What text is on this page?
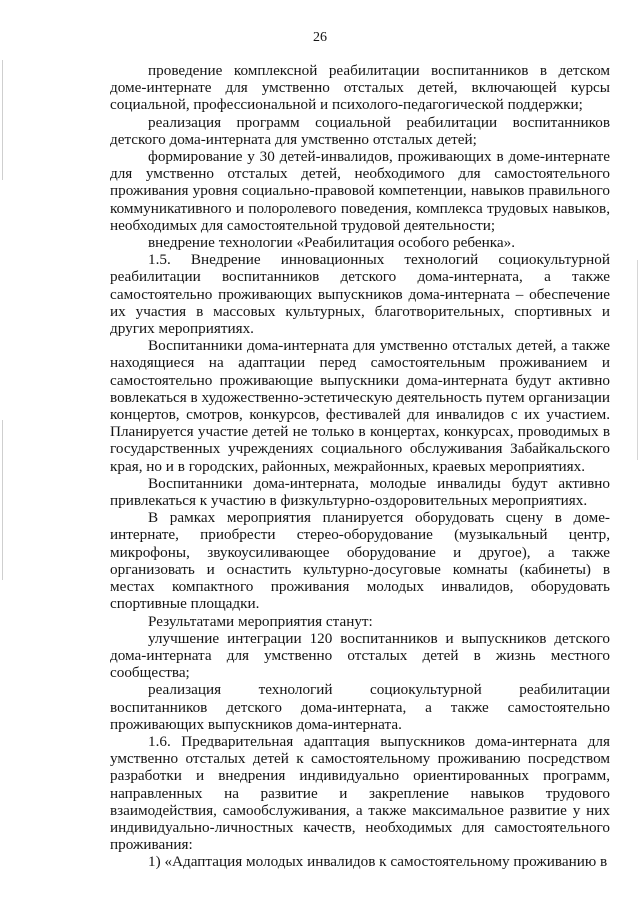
26

проведение комплексной реабилитации воспитанников в детском доме-интернате для умственно отсталых детей, включающей курсы социальной, профессиональной и психолого-педагогической поддержки;

реализация программ социальной реабилитации воспитанников детского дома-интерната для умственно отсталых детей;

формирование у 30 детей-инвалидов, проживающих в доме-интернате для умственно отсталых детей, необходимого для самостоятельного проживания уровня социально-правовой компетенции, навыков правильного коммуникативного и полоролевого поведения, комплекса трудовых навыков, необходимых для самостоятельной трудовой деятельности;

внедрение технологии «Реабилитация особого ребенка».

1.5. Внедрение инновационных технологий социокультурной реабилитации воспитанников детского дома-интерната, а также самостоятельно проживающих выпускников дома-интерната – обеспечение их участия в массовых культурных, благотворительных, спортивных и других мероприятиях.

Воспитанники дома-интерната для умственно отсталых детей, а также находящиеся на адаптации перед самостоятельным проживанием и самостоятельно проживающие выпускники дома-интерната будут активно вовлекаться в художественно-эстетическую деятельность путем организации концертов, смотров, конкурсов, фестивалей для инвалидов с их участием. Планируется участие детей не только в концертах, конкурсах, проводимых в государственных учреждениях социального обслуживания Забайкальского края, но и в городских, районных, межрайонных, краевых мероприятиях.

Воспитанники дома-интерната, молодые инвалиды будут активно привлекаться к участию в физкультурно-оздоровительных мероприятиях.

В рамках мероприятия планируется оборудовать сцену в доме-интернате, приобрести стерео-оборудование (музыкальный центр, микрофоны, звукоусиливающее оборудование и другое), а также организовать и оснастить культурно-досуговые комнаты (кабинеты) в местах компактного проживания молодых инвалидов, оборудовать спортивные площадки.

Результатами мероприятия станут:

улучшение интеграции 120 воспитанников и выпускников детского дома-интерната для умственно отсталых детей в жизнь местного сообщества;

реализация технологий социокультурной реабилитации воспитанников детского дома-интерната, а также самостоятельно проживающих выпускников дома-интерната.

1.6. Предварительная адаптация выпускников дома-интерната для умственно отсталых детей к самостоятельному проживанию посредством разработки и внедрения индивидуально ориентированных программ, направленных на развитие и закрепление навыков трудового взаимодействия, самообслуживания, а также максимальное развитие у них индивидуально-личностных качеств, необходимых для самостоятельного проживания:

1) «Адаптация молодых инвалидов к самостоятельному проживанию в
